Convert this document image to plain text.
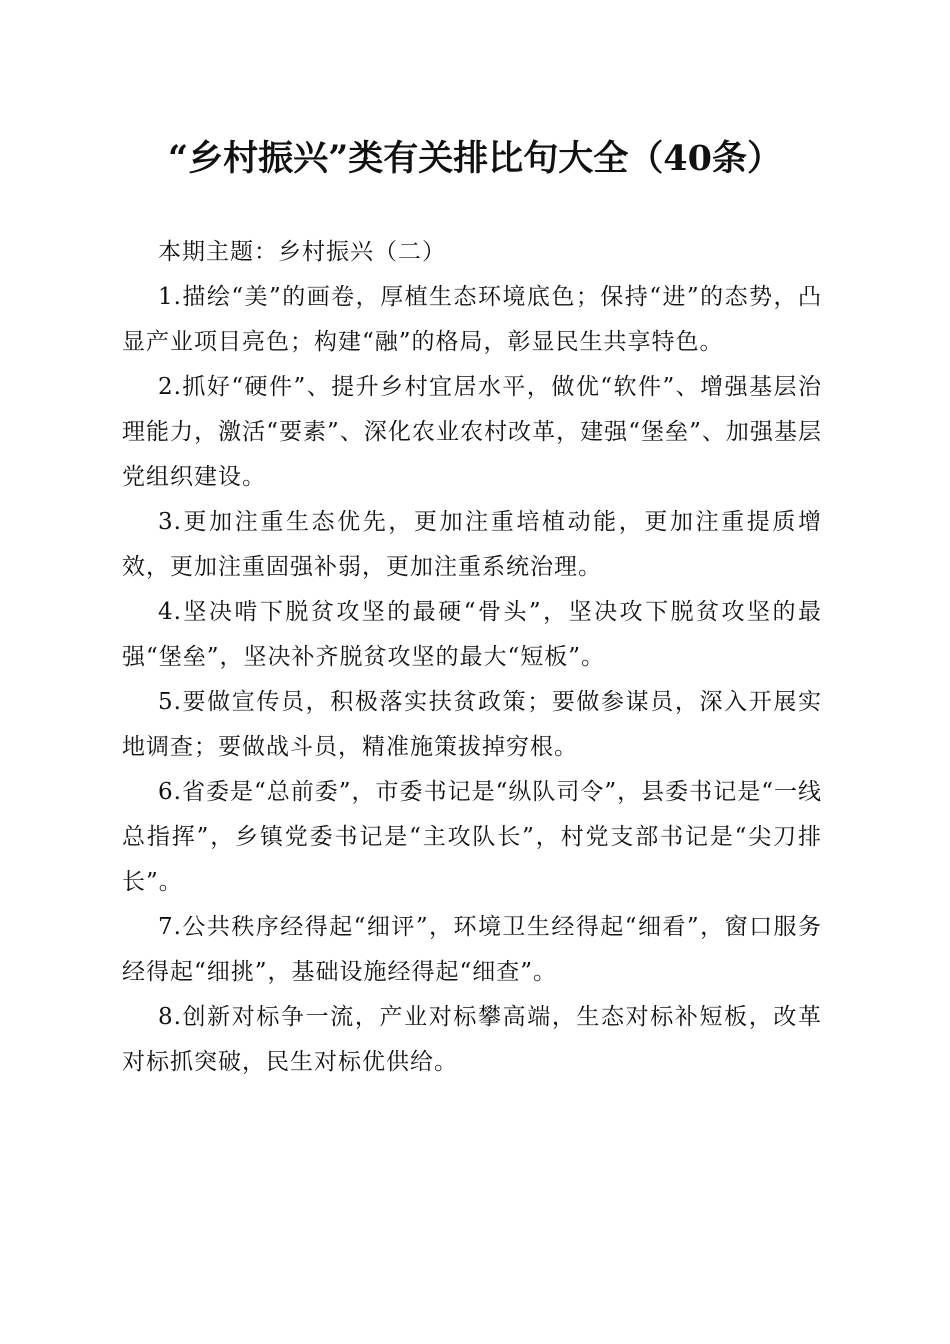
“乡村振兴”类有关排比句大全（40条）

本期主题：乡村振兴（二）

1.描绘“美”的画卷，厚植生态环境底色；保持“进”的态势，凸显产业项目亮色；构建“融”的格局，彰显民生共享特色。

2.抓好“硬件”、提升乡村宜居水平，做优“软件”、增强基层治理能力，激活“要素”、深化农业农村改革，建强“堡垒”、加强基层党组织建设。

3.更加注重生态优先，更加注重培植动能，更加注重提质增效，更加注重固强补弱，更加注重系统治理。

4.坚决啃下脱贫攻坚的最硬“骨头”，坚决攻下脱贫攻坚的最强“堡垒”，坚决补齐脱贫攻坚的最大“短板”。

5.要做宣传员，积极落实扶贫政策；要做参谋员，深入开展实地调查；要做战斗员，精准施策拔掉穷根。

6.省委是“总前委”，市委书记是“纵队司令”，县委书记是“一线总指挥”，乡镇党委书记是“主攻队长”，村党支部书记是“尖刀排长”。

7.公共秩序经得起“细评”，环境卫生经得起“细看”，窗口服务经得起“细挑”，基础设施经得起“细查”。

8.创新对标争一流，产业对标攀高端，生态对标补短板，改革对标抓突破，民生对标优供给。
